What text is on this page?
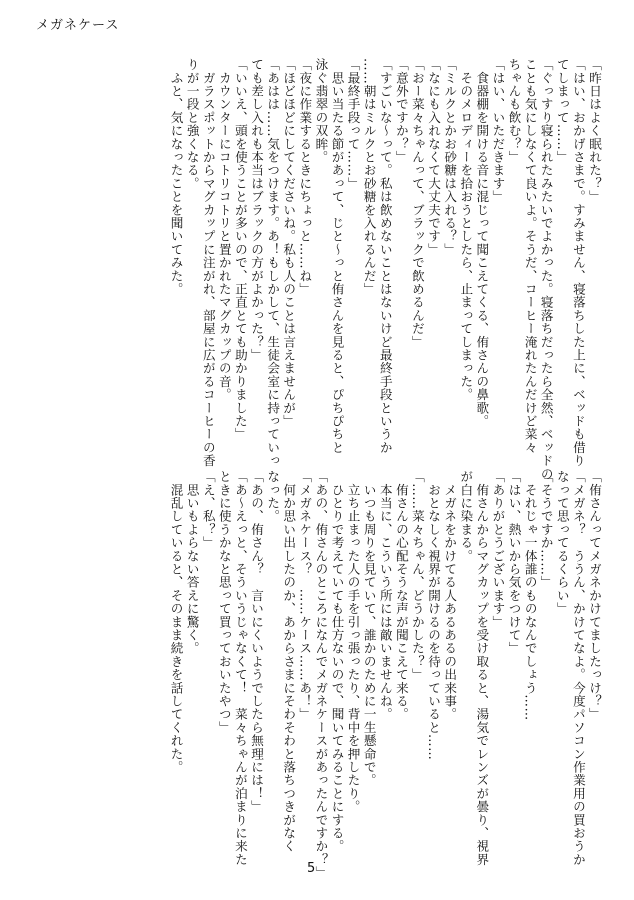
メガネケース

「昨日はよく眠れた？」

「はい、おかげさまで。すみません、寝落ちした上に、ベッドも借り

てしまって……」

「ぐっすり寝られたみたいでよかった。寝落ちだったら全然、ベッドの

ことも気にしなくて良いよ。そうだ、コーヒー淹れたんだけど菜々

ちゃんも飲む？」

「はい、いただきます」

　食器棚を開ける音に混じって聞こえてくる、侑さんの鼻歌。

　そのメロディーを拾おうとしたら、止まってしまった。

「ミルクとかお砂糖は入れる？」

「なにも入れなくて大丈夫です」

「おー菜々ちゃんって、ブラックで飲めるんだ」

「意外ですか？」

「すごいな～って。私は飲めないことはないけど最終手段というか

……朝はミルクとお砂糖を入れるんだ」

「最終手段って……」

　思い当たる節があって、じと～っと侑さんを見ると、ぴちぴちと

泳ぐ翡翠の双眸。

「夜に作業するときにちょっと……ね」

「ほどほどにしてくださいね。私も人のことは言えませんが」

「あはは……気をつけます。あ！もしかして、生徒会室に持っていっ

ても差し入れも本当はブラックの方がよかった？」

「いいえ、頭を使うことが多いので、正直とても助かりました」

　カウンターにコトリコトリと置かれたマグカップの音。

　ガラスポットからマグカップに注がれ、部屋に広がるコーヒーの香

りが一段と強くなる。

　ふと、気になったことを聞いてみた。

「侑さんってメガネかけてましたっけ？」

「メガネ？　ううん、かけてなよ。今度パソコン作業用の買おうか

なって思ってるくらい」

「そうですか……」

　それじゃ一体誰のものなんでしょう……

「はい、熱いから気をつけて」

「ありがとうございます」

　侑さんからマグカップを受け取ると、湯気でレンズが曇り、視界

が白に染まる。

　メガネをかけてる人あるあるの出来事。

　おとなしく視界が開けるのを待っていると……

「……菜々ちゃん、どうかした？」

　侑さんの心配そうな声が聞こえて来る。

　本当に、こういう所には敵いませんね。

　いつも周りを見ていて、誰かのために一生懸命で。

　立ち止まった人の手を引っ張ったり、背中を押したり。

　ひとりで考えていても仕方ないので、聞いてみることにする。

「あの、侑さんのところになんでメガネケースがあったんですか？」

「メガネケース？　……ケース……あ！」

　何か思い出したのか、あからさまにそわそわと落ちつきがなく

なった。

「あの、侑さん？　言いにくいようでしたら無理には！」

「あ～えっと、そういうじゃなくて！　菜々ちゃんが泊まりに来た

ときに使うかなと思って買っておいたやつ」

「え、私？」

　思いもよらない答えに驚く。

　混乱していると、そのまま続きを話してくれた。

5
